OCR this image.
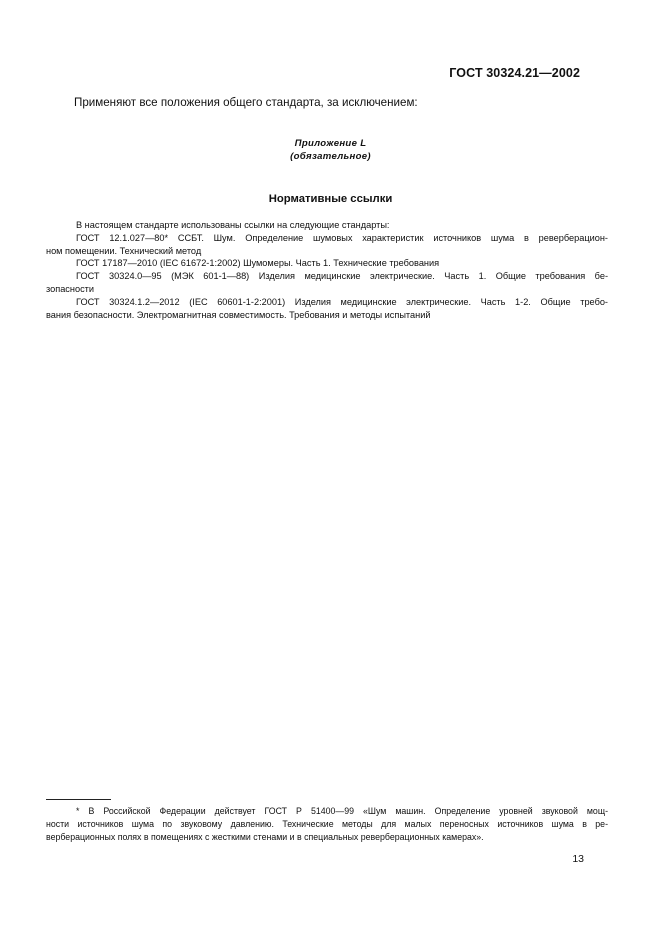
ГОСТ 30324.21—2002
Применяют все положения общего стандарта, за исключением:
Приложение L
(обязательное)
Нормативные ссылки

В настоящем стандарте использованы ссылки на следующие стандарты:

ГОСТ 12.1.027—80* ССБТ. Шум. Определение шумовых характеристик источников шума в реверберацион-

ном помещении. Технический метод

ГОСТ 17187—2010 (IEC 61672-1:2002) Шумомеры. Часть 1. Технические требования

ГОСТ 30324.0—95 (МЭК 601-1—88) Изделия медицинские электрические. Часть 1. Общие требования бе-

зопасности

ГОСТ 30324.1.2—2012 (IEC 60601-1-2:2001) Изделия медицинские электрические. Часть 1-2. Общие требо-

вания безопасности. Электромагнитная совместимость. Требования и методы испытаний

* В Российской Федерации действует ГОСТ Р 51400—99 «Шум машин. Определение уровней звуковой мощ-

ности источников шума по звуковому давлению. Технические методы для малых переносных источников шума в ре-

верберационных полях в помещениях с жесткими стенами и в специальных реверберационных камерах».

13
